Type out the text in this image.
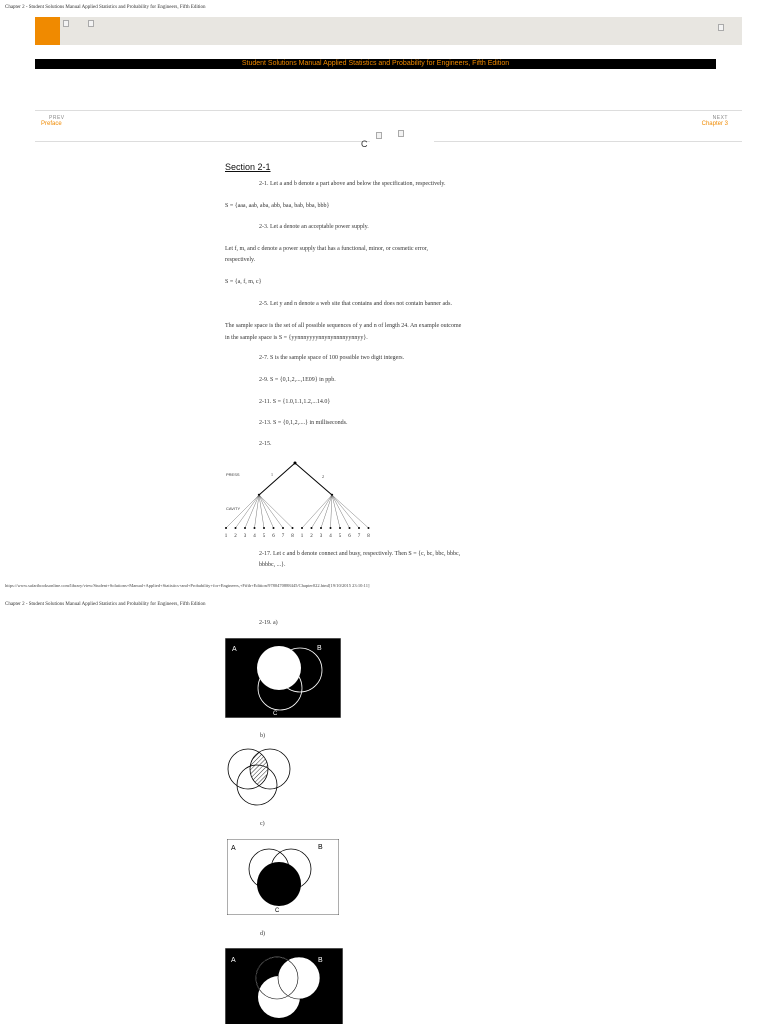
Chapter 2 - Student Solutions Manual Applied Statistics and Probability for Engineers, Fifth Edition
Student Solutions Manual Applied Statistics and Probability for Engineers, Fifth Edition
PREV
Preface
NEXT
Chapter 3
C
Section 2-1
2-1. Let a and b denote a part above and below the specification, respectively.
S = {aaa, aab, aba, abb, baa, bab, bba, bbb}
2-3. Let a denote an acceptable power supply.
Let f, m, and c denote a power supply that has a functional, minor, or cosmetic error,
respectively.
S = {a, f, m, c}
2-5. Let y and n denote a web site that contains and does not contain banner ads.
The sample space is the set of all possible sequences of y and n of length 24. An example outcome
in the sample space is S = {yynnnyyyynnynynnnnyynnyy}.
2-7. S is the sample space of 100 possible two digit integers.
2-9. S = {0,1,2,...,1E09} in ppb.
2-11. S = {1.0,1.1,1.2,...14.0}
2-13. S = {0,1,2,....} in milliseconds.
2-15.
PRESS
CAVITY
1	2
1 2 3 4 5 6 7 8 1 2 3 4 5 6 7 8
2-17. Let c and b denote connect and busy, respectively. Then S = {c, bc, bbc, bbbc,
bbbbc, ...}.
https://www.safaribooksonline.com/library/view/Student+Solutions+Manual+Applied+Statistics+and+Probability+for+Engineers,+Fifth+Edition/9780470888445/Chapter022.html[19/10/2015 23:10:11]
Chapter 2 - Student Solutions Manual Applied Statistics and Probability for Engineers, Fifth Edition
2-19. a)
A	B
C
b)
c)
A	B
C
d)
A	B
C
